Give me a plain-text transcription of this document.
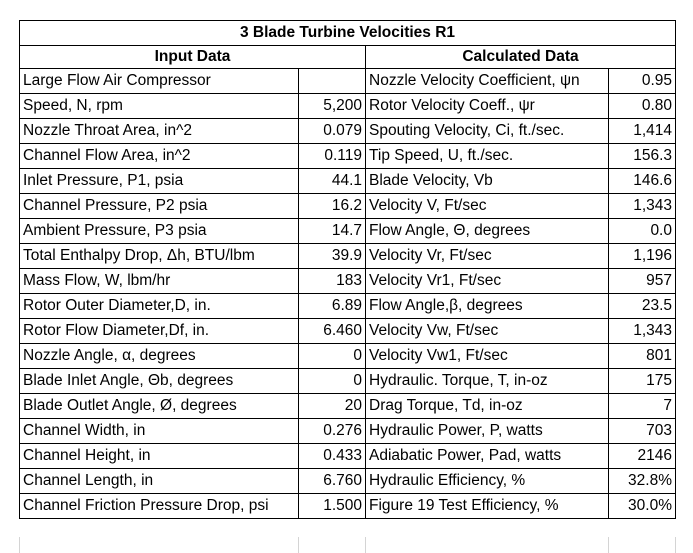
3 Blade Turbine Velocities R1			
Input Data		Calculated Data	
Large Flow Air Compressor		Nozzle Velocity Coefficient, ψn	0.95
Speed, N, rpm	5,200	Rotor Velocity Coeff., ψr	0.80
Nozzle Throat Area, in^2	0.079	Spouting Velocity, Ci, ft./sec.	1,414
Channel Flow Area, in^2	0.119	Tip Speed, U, ft./sec.	156.3
Inlet Pressure, P1, psia	44.1	Blade Velocity, Vb	146.6
Channel Pressure, P2 psia	16.2	Velocity V, Ft/sec	1,343
Ambient Pressure, P3 psia	14.7	Flow Angle, Θ, degrees	0.0
Total Enthalpy Drop, Δh, BTU/lbm	39.9	Velocity Vr, Ft/sec	1,196
Mass Flow, W, lbm/hr	183	Velocity Vr1, Ft/sec	957
Rotor Outer Diameter,D, in.	6.89	Flow Angle,β, degrees	23.5
Rotor Flow Diameter,Df, in.	6.460	Velocity Vw, Ft/sec	1,343
Nozzle Angle, α, degrees	0	Velocity Vw1, Ft/sec	801
Blade Inlet Angle, Θb, degrees	0	Hydraulic. Torque, T, in-oz	175
Blade Outlet Angle, Ø, degrees	20	Drag Torque, Td, in-oz	7
Channel Width, in	0.276	Hydraulic Power, P, watts	703
Channel Height, in	0.433	Adiabatic Power, Pad, watts	2146
Channel Length, in	6.760	Hydraulic Efficiency, %	32.8%
Channel Friction Pressure Drop, psi	1.500	Figure 19 Test Efficiency, %	30.0%
